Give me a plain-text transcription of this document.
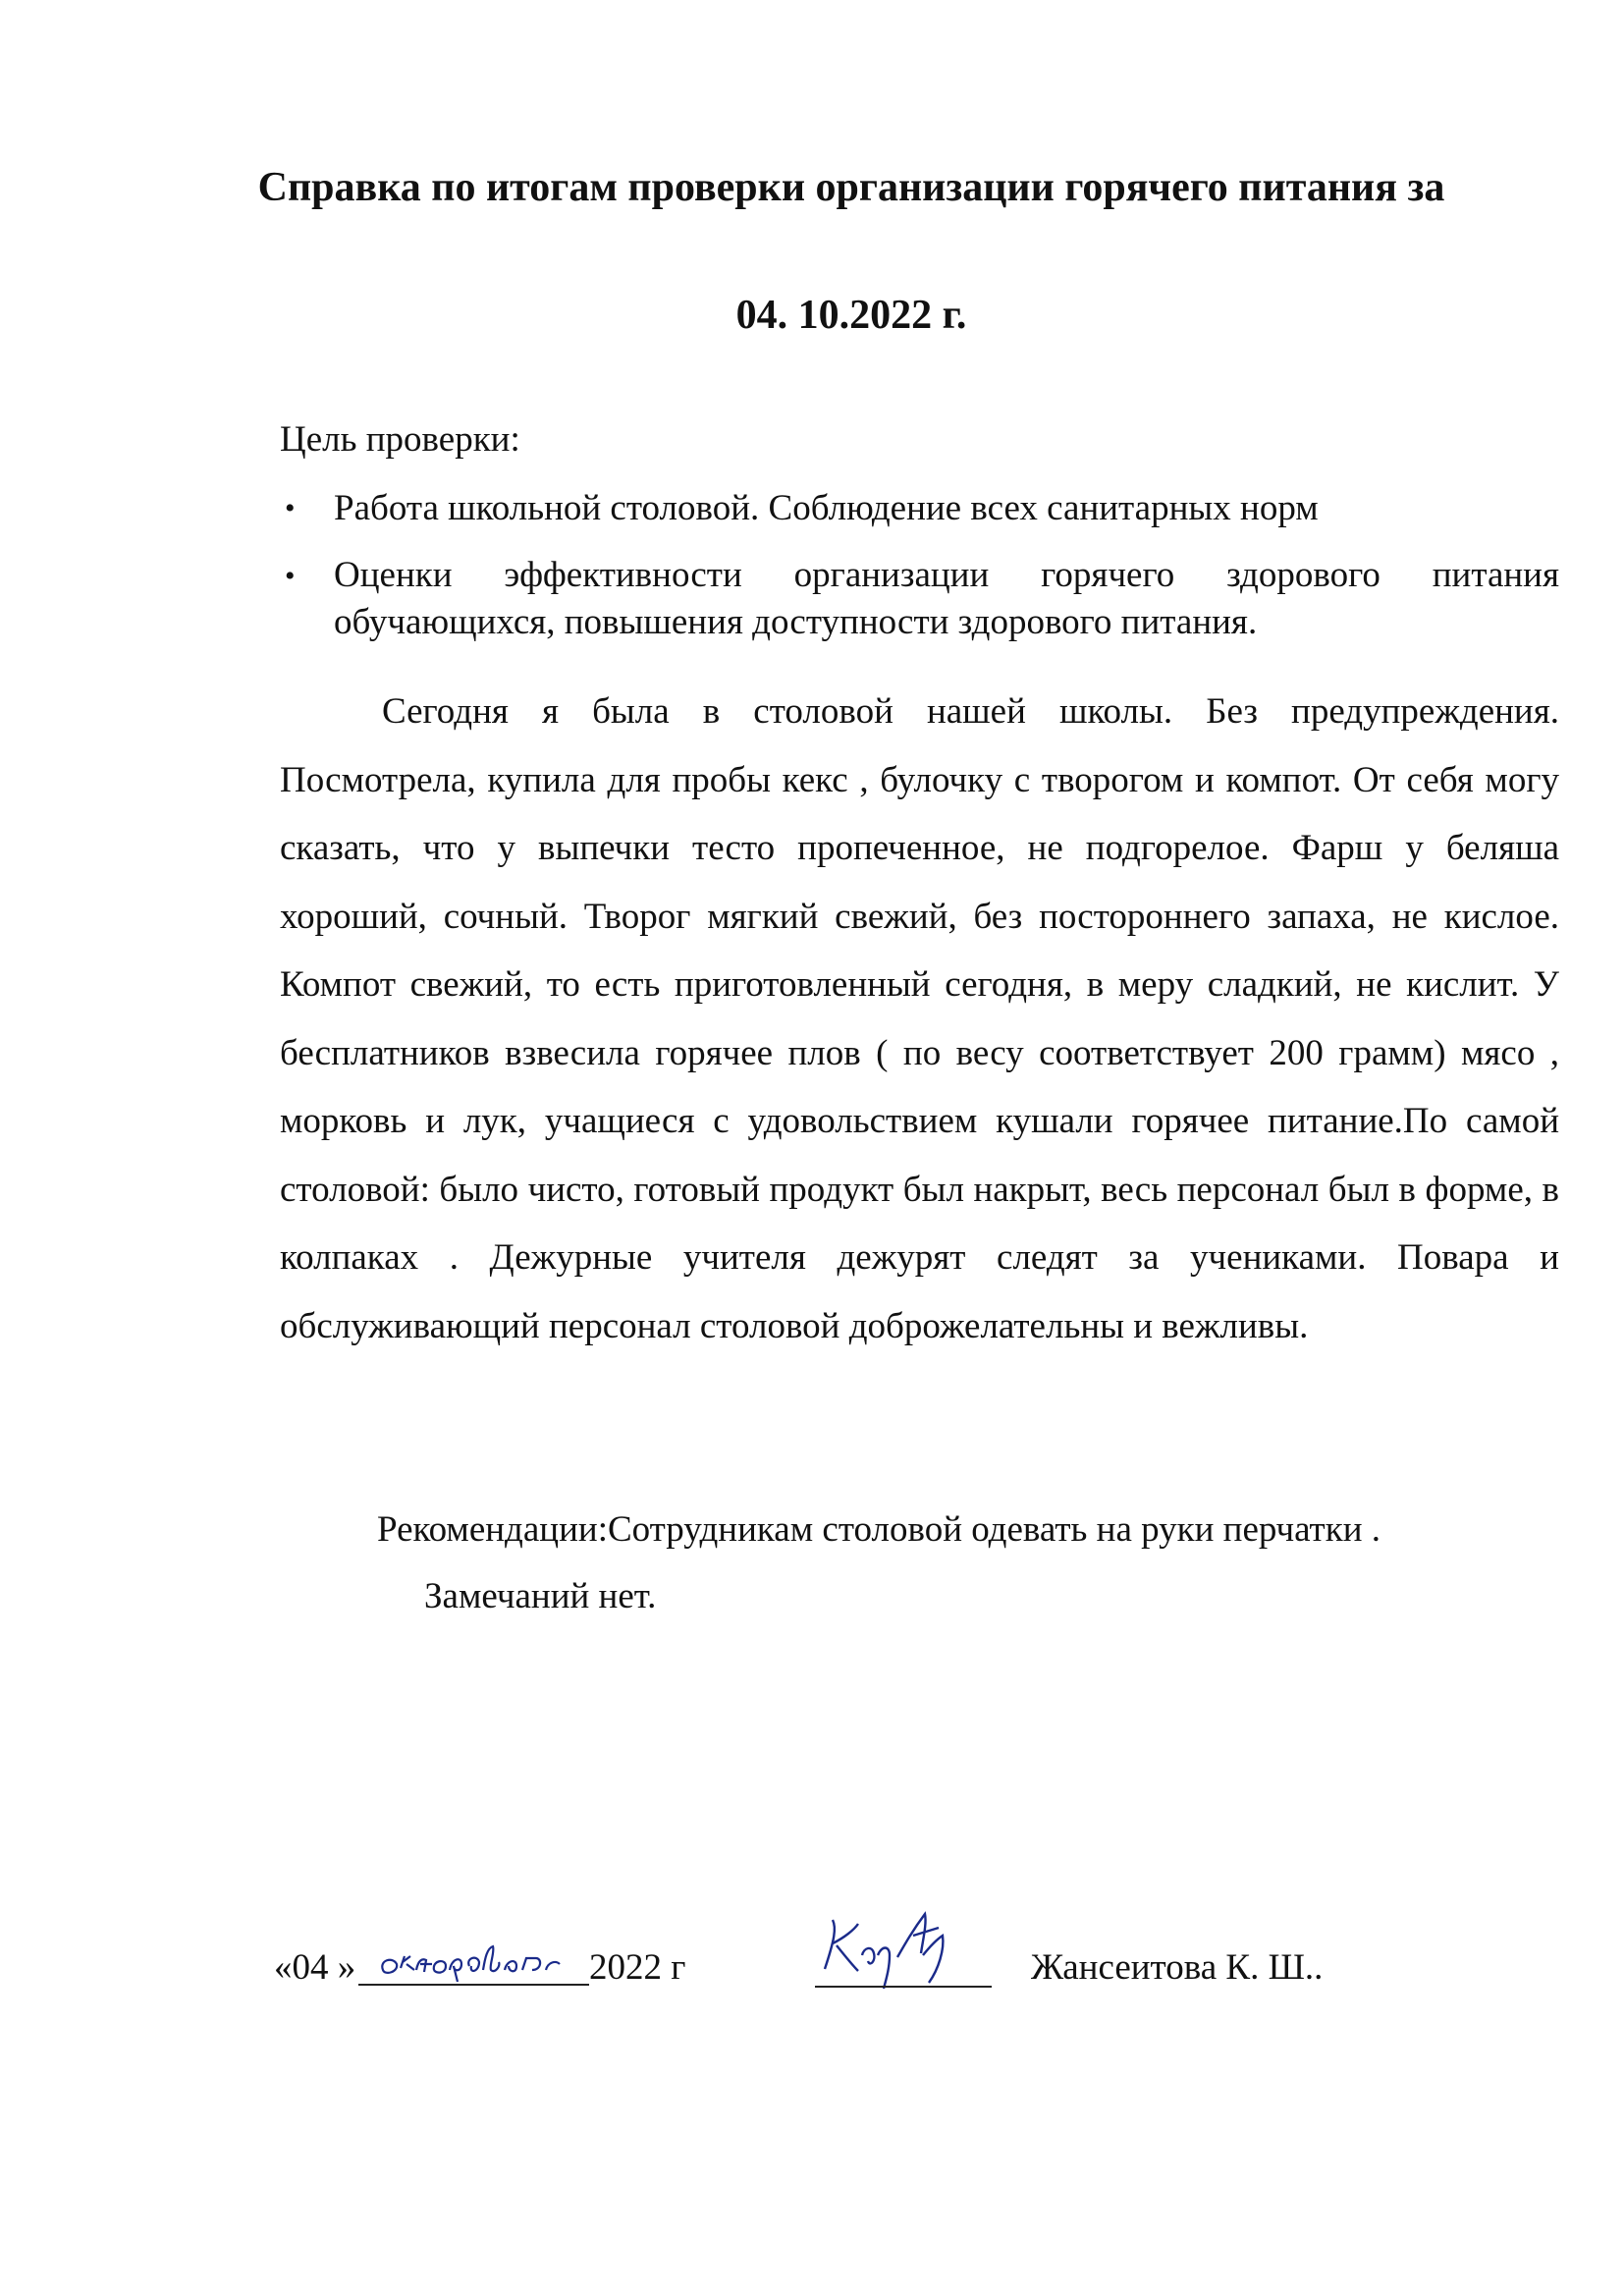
Справка по итогам проверки организации горячего питания за
04. 10.2022 г.
Цель проверки:
• Работа школьной столовой. Соблюдение всех санитарных норм
• Оценки эффективности организации горячего здорового питания обучающихся, повышения доступности здорового питания.
Сегодня я была в столовой нашей школы. Без предупреждения. Посмотрела, купила для пробы кекс , булочку с творогом и компот. От себя могу сказать, что у выпечки тесто пропеченное, не подгорелое. Фарш у беляша хороший, сочный. Творог мягкий свежий, без постороннего запаха, не кислое. Компот свежий, то есть приготовленный сегодня, в меру сладкий, не кислит. У бесплатников взвесила горячее плов ( по весу соответствует 200 грамм) мясо , морковь и лук, учащиеся с удовольствием кушали горячее питание.По самой столовой: было чисто, готовый продукт был накрыт, весь персонал был в форме, в колпаках . Дежурные учителя дежурят следят за учениками. Повара и обслуживающий персонал столовой доброжелательны и вежливы.
Рекомендации:Сотрудникам столовой одевать на руки перчатки .
Замечаний нет.
«04 »	2022 г	Жансеитова К. Ш..
